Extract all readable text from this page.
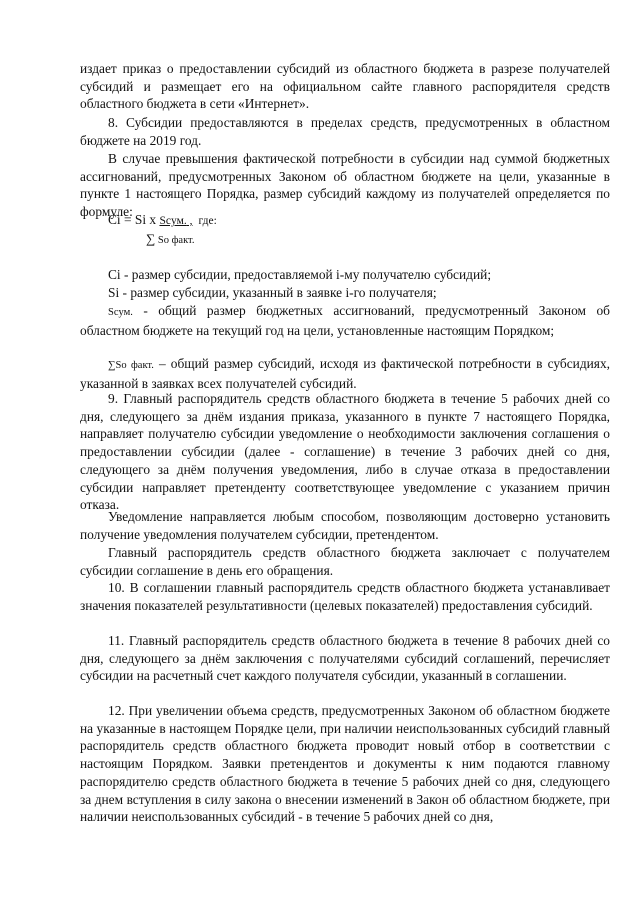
издает приказ о предоставлении субсидий из областного бюджета в разрезе получателей субсидий и размещает его на официальном сайте главного распорядителя средств областного бюджета в сети «Интернет».

8. Субсидии предоставляются в пределах средств, предусмотренных в областном бюджете на 2019 год.

В случае превышения фактической потребности в субсидии над суммой бюджетных ассигнований, предусмотренных Законом об областном бюджете на цели, указанные в пункте 1 настоящего Порядка, размер субсидий каждому из получателей определяется по формуле:

Ci = Si x Scум. , где:
∑ So факт.

Ci - размер субсидии, предоставляемой i-му получателю субсидий;

Si - размер субсидии, указанный в заявке i-го получателя;

Scум. - общий размер бюджетных ассигнований, предусмотренный Законом об областном бюджете на текущий год на цели, установленные настоящим Порядком;

∑So факт. – общий размер субсидий, исходя из фактической потребности в субсидиях, указанной в заявках всех получателей субсидий.

9. Главный распорядитель средств областного бюджета в течение 5 рабочих дней со дня, следующего за днём издания приказа, указанного в пункте 7 настоящего Порядка, направляет получателю субсидии уведомление о необходимости заключения соглашения о предоставлении субсидии (далее - соглашение) в течение 3 рабочих дней со дня, следующего за днём получения уведомления, либо в случае отказа в предоставлении субсидии направляет претенденту соответствующее уведомление с указанием причин отказа.

Уведомление направляется любым способом, позволяющим достоверно установить получение уведомления получателем субсидии, претендентом.

Главный распорядитель средств областного бюджета заключает с получателем субсидии соглашение в день его обращения.

10. В соглашении главный распорядитель средств областного бюджета устанавливает значения показателей результативности (целевых показателей) предоставления субсидий.

11. Главный распорядитель средств областного бюджета в течение 8 рабочих дней со дня, следующего за днём заключения с получателями субсидий соглашений, перечисляет субсидии на расчетный счет каждого получателя субсидии, указанный в соглашении.

12. При увеличении объема средств, предусмотренных Законом об областном бюджете на указанные в настоящем Порядке цели, при наличии неиспользованных субсидий главный распорядитель средств областного бюджета проводит новый отбор в соответствии с настоящим Порядком. Заявки претендентов и документы к ним подаются главному распорядителю средств областного бюджета в течение 5 рабочих дней со дня, следующего за днем вступления в силу закона о внесении изменений в Закон об областном бюджете, при наличии неиспользованных субсидий - в течение 5 рабочих дней со дня,
